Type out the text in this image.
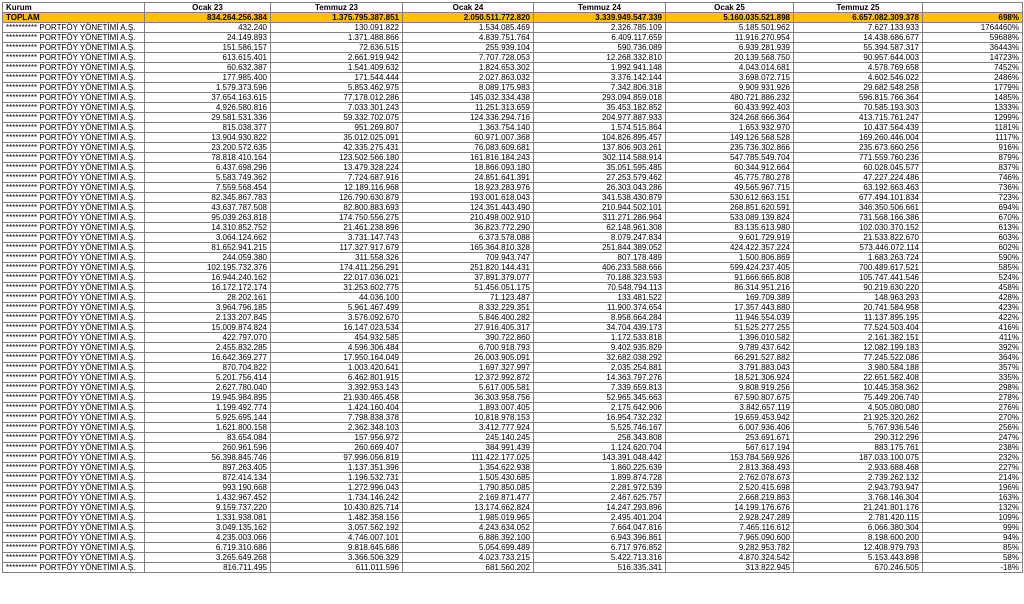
Kurum	Ocak 23	Temmuz 23	Ocak 24	Temmuz 24	Ocak 25	Temmuz 25	
TOPLAM	834.264.256.384	1.375.795.387.851	2.050.511.772.820	3.339.949.547.339	5.160.035.521.898	6.657.082.309.378	698%
********** PORTFÖY YÖNETİMİ A.Ş.	432.240	130.091.822	1.534.085.469	2.326.785.109	5.185.501.962	7.627.133.933	1764460%
********** PORTFÖY YÖNETİMİ A.Ş.	24.149.893	1.371.488.866	4.839.751.764	6.409.117.659	11.916.270.954	14.438.686.677	59688%
********** PORTFÖY YÖNETİMİ A.Ş.	151.586.157	72.636.515	255.939.104	590.736.089	6.939.281.939	55.394.587.317	36443%
********** PORTFÖY YÖNETİMİ A.Ş.	613.615.401	2.661.919.942	7.707.728.053	12.268.332.810	20.139.568.750	90.957.644.003	14723%
********** PORTFÖY YÖNETİMİ A.Ş.	60.632.387	1.541.409.632	1.824.653.302	1.992.941.148	4.043.014.681	4.578.769.658	7452%
********** PORTFÖY YÖNETİMİ A.Ş.	177.985.400	171.544.444	2.027.863.032	3.376.142.144	3.698.072.715	4.602.546.022	2486%
********** PORTFÖY YÖNETİMİ A.Ş.	1.579.373.596	5.853.462.975	8.089.175.983	7.342.806.318	9.909.931.926	29.682.548.258	1779%
********** PORTFÖY YÖNETİMİ A.Ş.	37.654.163.615	77.178.012.286	145.032.334.438	293.094.859.018	480.721.886.232	596.815.766.364	1485%
********** PORTFÖY YÖNETİMİ A.Ş.	4.926.580.816	7.033.301.243	11.251.313.659	35.453.182.852	60.433.992.403	70.585.193.303	1333%
********** PORTFÖY YÖNETİMİ A.Ş.	29.581.531.336	59.332.702.075	124.336.294.716	204.977.887.933	324.268.666.364	413.715.761.247	1299%
********** PORTFÖY YÖNETİMİ A.Ş.	815.038.377	951.269.807	1.363.754.140	1.574.515.864	1.653.932.970	10.437.564.439	1181%
********** PORTFÖY YÖNETİMİ A.Ş.	13.904.930.822	35.012.025.091	60.971.007.368	104.826.895.457	149.126.568.528	169.260.446.004	1117%
********** PORTFÖY YÖNETİMİ A.Ş.	23.200.572.635	42.335.275.431	76.083.609.681	137.806.903.261	235.736.302.866	235.673.660.256	916%
********** PORTFÖY YÖNETİMİ A.Ş.	78.818.410.164	123.502.566.180	161.816.184.243	302.114.588.914	547.785.549.704	771.559.760.236	879%
********** PORTFÖY YÖNETİMİ A.Ş.	6.437.698.296	13.479.328.224	18.866.093.180	35.051.595.485	60.344.912.664	60.028.045.577	837%
********** PORTFÖY YÖNETİMİ A.Ş.	5.583.749.362	7.724.687.916	24.851.641.391	27.253.579.462	45.775.780.278	47.227.224.486	746%
********** PORTFÖY YÖNETİMİ A.Ş.	7.559.568.454	12.189.116.968	18.923.283.976	26.303.043.286	49.565.967.715	63.192.663.463	736%
********** PORTFÖY YÖNETİMİ A.Ş.	82.345.867.783	126.790.630.879	193.001.618.043	341.538.430.879	530.612.663.151	677.494.101.834	723%
********** PORTFÖY YÖNETİMİ A.Ş.	43.637.787.508	82.800.883.693	124.351.443.490	210.944.502.101	268.851.620.591	346.350.506.661	694%
********** PORTFÖY YÖNETİMİ A.Ş.	95.039.263.818	174.750.556.275	210.498.002.910	311.271.286.964	533.089.139.824	731.568.166.386	670%
********** PORTFÖY YÖNETİMİ A.Ş.	14.310.852.752	21.461.238.896	36.823.772.290	62.148.961.308	83.135.613.980	102.030.370.152	613%
********** PORTFÖY YÖNETİMİ A.Ş.	3.064.124.662	3.731.147.743	6.373.578.088	8.079.247.834	9.601.729.919	21.533.822.670	603%
********** PORTFÖY YÖNETİMİ A.Ş.	81.652.941.215	117.327.917.679	165.364.810.328	251.844.389.052	424.422.357.224	573.446.072.114	602%
********** PORTFÖY YÖNETİMİ A.Ş.	244.059.380	311.558.326	709.943.747	807.178.489	1.500.806.869	1.683.263.724	590%
********** PORTFÖY YÖNETİMİ A.Ş.	102.195.732.376	174.411.256.291	251.820.144.431	406.233.588.666	599.424.237.405	700.489.617.521	585%
********** PORTFÖY YÖNETİMİ A.Ş.	16.944.240.162	22.017.036.021	37.891.379.077	70.188.323.593	91.666.665.808	105.747.441.546	524%
********** PORTFÖY YÖNETİMİ A.Ş.	16.172.172.174	31.253.602.775	51.456.051.175	70.548.794.113	86.314.951.216	90.219.630.220	458%
********** PORTFÖY YÖNETİMİ A.Ş.	28.202.161	44.036.100	71.123.487	133.481.522	169.709.389	148.963.293	428%
********** PORTFÖY YÖNETİMİ A.Ş.	3.964.796.185	5.961.467.499	8.332.229.351	11.900.374.654	17.357.443.880	20.741.584.958	423%
********** PORTFÖY YÖNETİMİ A.Ş.	2.133.207.845	3.576.092.670	5.846.400.282	8.958.664.284	11.946.554.039	11.137.895.195	422%
********** PORTFÖY YÖNETİMİ A.Ş.	15.009.874.824	16.147.023.534	27.916.405.317	34.704.439.173	51.525.277.255	77.524.503.404	416%
********** PORTFÖY YÖNETİMİ A.Ş.	422.797.070	454.932.585	390.722.860	1.172.533.818	1.396.010.582	2.161.382.151	411%
********** PORTFÖY YÖNETİMİ A.Ş.	2.455.832.285	4.596.306.484	6.700.918.793	9.402.935.829	9.789.437.642	12.082.199.183	392%
********** PORTFÖY YÖNETİMİ A.Ş.	16.642.369.277	17.950.164.049	26.003.905.091	32.682.038.292	66.291.527.882	77.245.522.086	364%
********** PORTFÖY YÖNETİMİ A.Ş.	870.704.822	1.003.420.641	1.697.327.997	2.035.254.881	3.791.883.043	3.980.584.188	357%
********** PORTFÖY YÖNETİMİ A.Ş.	5.201.756.414	6.462.801.915	12.372.992.872	14.363.797.276	18.521.306.924	22.651.582.408	335%
********** PORTFÖY YÖNETİMİ A.Ş.	2.627.780.040	3.392.953.143	5.617.005.581	7.339.659.813	9.808.919.256	10.445.358.362	298%
********** PORTFÖY YÖNETİMİ A.Ş.	19.945.984.895	21.930.465.458	36.303.958.756	52.965.345.663	67.590.807.675	75.449.206.740	278%
********** PORTFÖY YÖNETİMİ A.Ş.	1.199.492.774	1.424.160.404	1.893.007.405	2.175.642.906	3.842.657.119	4.505.080.080	276%
********** PORTFÖY YÖNETİMİ A.Ş.	5.925.695.144	7.798.838.378	10.818.978.153	16.954.732.232	19.659.453.942	21.925.320.262	270%
********** PORTFÖY YÖNETİMİ A.Ş.	1.621.800.158	2.362.348.103	3.412.777.924	5.525.746.167	6.007.936.406	5.767.936.546	256%
********** PORTFÖY YÖNETİMİ A.Ş.	83.654.084	157.956.972	245.140.245	258.343.808	253.691.671	290.312.296	247%
********** PORTFÖY YÖNETİMİ A.Ş.	260.961.596	260.669.407	384.991.439	1.124.620.704	567.617.194	883.175.761	238%
********** PORTFÖY YÖNETİMİ A.Ş.	56.398.845.746	97.996.056.819	111.422.177.025	143.391.048.442	153.784.569.926	187.033.100.075	232%
********** PORTFÖY YÖNETİMİ A.Ş.	897.263.405	1.137.351.396	1.354.622.938	1.860.225.639	2.813.368.493	2.933.688.468	227%
********** PORTFÖY YÖNETİMİ A.Ş.	872.414.134	1.196.532.731	1.505.430.685	1.899.874.728	2.762.078.673	2.739.262.132	214%
********** PORTFÖY YÖNETİMİ A.Ş.	993.190.668	1.272.996.043	1.790.850.085	2.281.972.539	2.520.415.698	2.943.793.947	196%
********** PORTFÖY YÖNETİMİ A.Ş.	1.432.967.452	1.734.146.242	2.169.871.477	2.467.625.757	2.668.219.863	3.768.146.304	163%
********** PORTFÖY YÖNETİMİ A.Ş.	9.159.737.220	10.430.825.714	13.174.662.824	14.247.293.896	14.199.176.676	21.241.801.176	132%
********** PORTFÖY YÖNETİMİ A.Ş.	1.331.938.081	1.482.358.156	1.985.019.965	2.495.401.204	2.928.247.289	2.781.420.115	109%
********** PORTFÖY YÖNETİMİ A.Ş.	3.049.135.162	3.057.562.192	4.243.634.052	7.664.047.816	7.465.116.612	6.066.380.304	99%
********** PORTFÖY YÖNETİMİ A.Ş.	4.235.003.066	4.746.007.101	6.886.392.100	6.943.396.861	7.965.090.600	8.198.600.200	94%
********** PORTFÖY YÖNETİMİ A.Ş.	6.719.310.686	9.818.645.686	5.054.699.489	6.717.976.852	9.282.953.782	12.408.979.793	85%
********** PORTFÖY YÖNETİMİ A.Ş.	3.265.649.268	3.366.506.329	4.023.733.215	5.422.713.316	4.870.324.542	5.153.443.898	58%
********** PORTFÖY YÖNETİMİ A.Ş.	816.711.495	611.011.596	681.560.202	516.335.341	313.822.945	670.246.505	-18%
